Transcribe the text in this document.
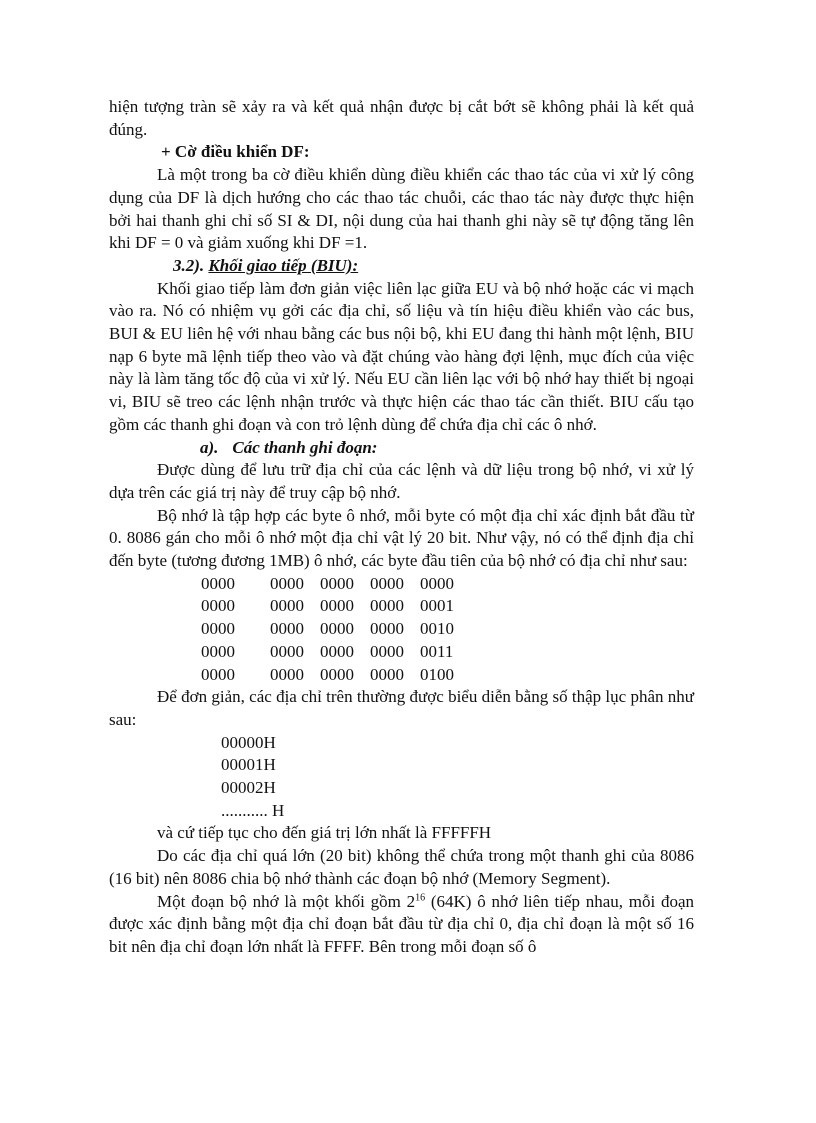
hiện tượng tràn sẽ xảy ra và kết quả nhận được bị cắt bớt sẽ không phải là kết quả đúng.

+ Cờ điều khiển DF:

Là một trong ba cờ điều khiển dùng điều khiển các thao tác của vi xử lý công dụng của DF là dịch hướng cho các thao tác chuỗi, các thao tác này được thực hiện bởi hai thanh ghi chỉ số SI & DI, nội dung của hai thanh ghi này sẽ tự động tăng lên khi DF = 0 và giảm xuống khi DF =1.

3.2). Khối giao tiếp (BIU):

Khối giao tiếp làm đơn giản việc liên lạc giữa EU và bộ nhớ hoặc các vi mạch vào ra. Nó có nhiệm vụ gởi các địa chỉ, số liệu và tín hiệu điều khiển vào các bus, BUI & EU liên hệ với nhau bằng các bus nội bộ, khi EU đang thi hành một lệnh, BIU nạp 6 byte mã lệnh tiếp theo vào và đặt chúng vào hàng đợi lệnh, mục đích của việc này là làm tăng tốc độ của vi xử lý. Nếu EU cần liên lạc với bộ nhớ hay thiết bị ngoại vi, BIU sẽ treo các lệnh nhận trước và thực hiện các thao tác cần thiết. BIU cấu tạo gồm các thanh ghi đoạn và con trỏ lệnh dùng để chứa địa chỉ các ô nhớ.

a). Các thanh ghi đoạn:

Được dùng để lưu trữ địa chỉ của các lệnh và dữ liệu trong bộ nhớ, vi xử lý dựa trên các giá trị này để truy cập bộ nhớ.

Bộ nhớ là tập hợp các byte ô nhớ, mỗi byte có một địa chỉ xác định bắt đầu từ 0. 8086 gán cho mỗi ô nhớ một địa chỉ vật lý 20 bit. Như vậy, nó có thể định địa chỉ đến byte (tương đương 1MB) ô nhớ, các byte đầu tiên của bộ nhớ có địa chỉ như sau:

0000	0000	0000	0000	0000
0000	0000	0000	0000	0001
0000	0000	0000	0000	0010
0000	0000	0000	0000	0011
0000	0000	0000	0000	0100

Để đơn giản, các địa chỉ trên thường được biểu diễn bằng số thập lục phân như sau:

00000H
00001H
00002H
........... H

và cứ tiếp tục cho đến giá trị lớn nhất là FFFFFH

Do các địa chỉ quá lớn (20 bit) không thể chứa trong một thanh ghi của 8086 (16 bit) nên 8086 chia bộ nhớ thành các đoạn bộ nhớ (Memory Segment).

Một đoạn bộ nhớ là một khối gồm $2^{16}$ (64K) ô nhớ liên tiếp nhau, mỗi đoạn được xác định bằng một địa chỉ đoạn bắt đầu từ địa chỉ 0, địa chỉ đoạn là một số 16 bit nên địa chỉ đoạn lớn nhất là FFFF. Bên trong mỗi đoạn số ô
